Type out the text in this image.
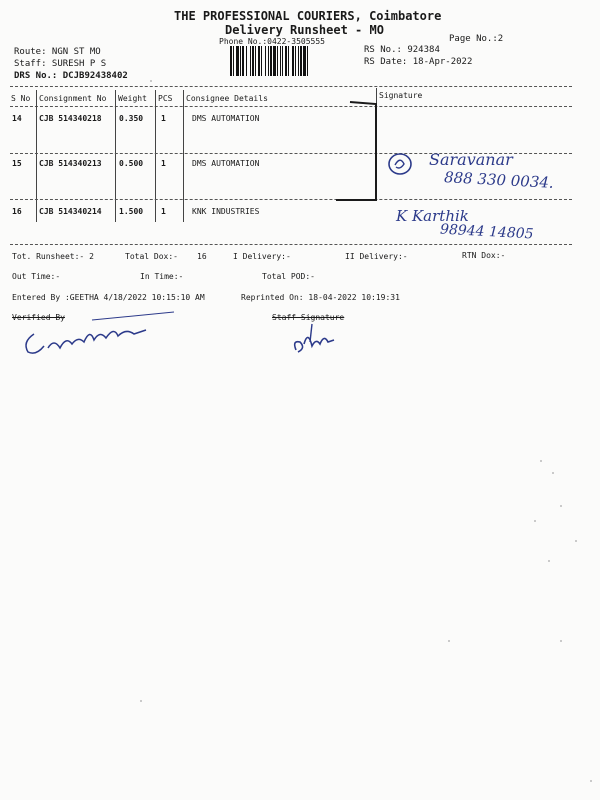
THE PROFESSIONAL COURIERS, Coimbatore
Delivery Runsheet - MO
Phone No.:0422-3505555	Page No.:2
Route: NGN ST MO
Staff: SURESH P S
DRS No.: DCJB92438402
RS No.: 924384
RS Date: 18-Apr-2022
S No Consignment No Weight PCS Consignee Details	Signature
14 CJB 514340218 0.350 1	DMS AUTOMATION
15 CJB 514340213 0.500 1	DMS AUTOMATION
16 CJB 514340214 1.500 1	KNK INDUSTRIES
Saravanar
888 330 0034.
K Karthik
98944 14805
Tot. Runsheet:- 2	Total Dox:- 16	I Delivery:-	II Delivery:-	RTN Dox:-
Out Time:-	In Time:-	Total POD:-
Entered By :GEETHA 4/18/2022 10:15:10 AM	Reprinted On: 18-04-2022 10:19:31
Verified By	Staff Signature
